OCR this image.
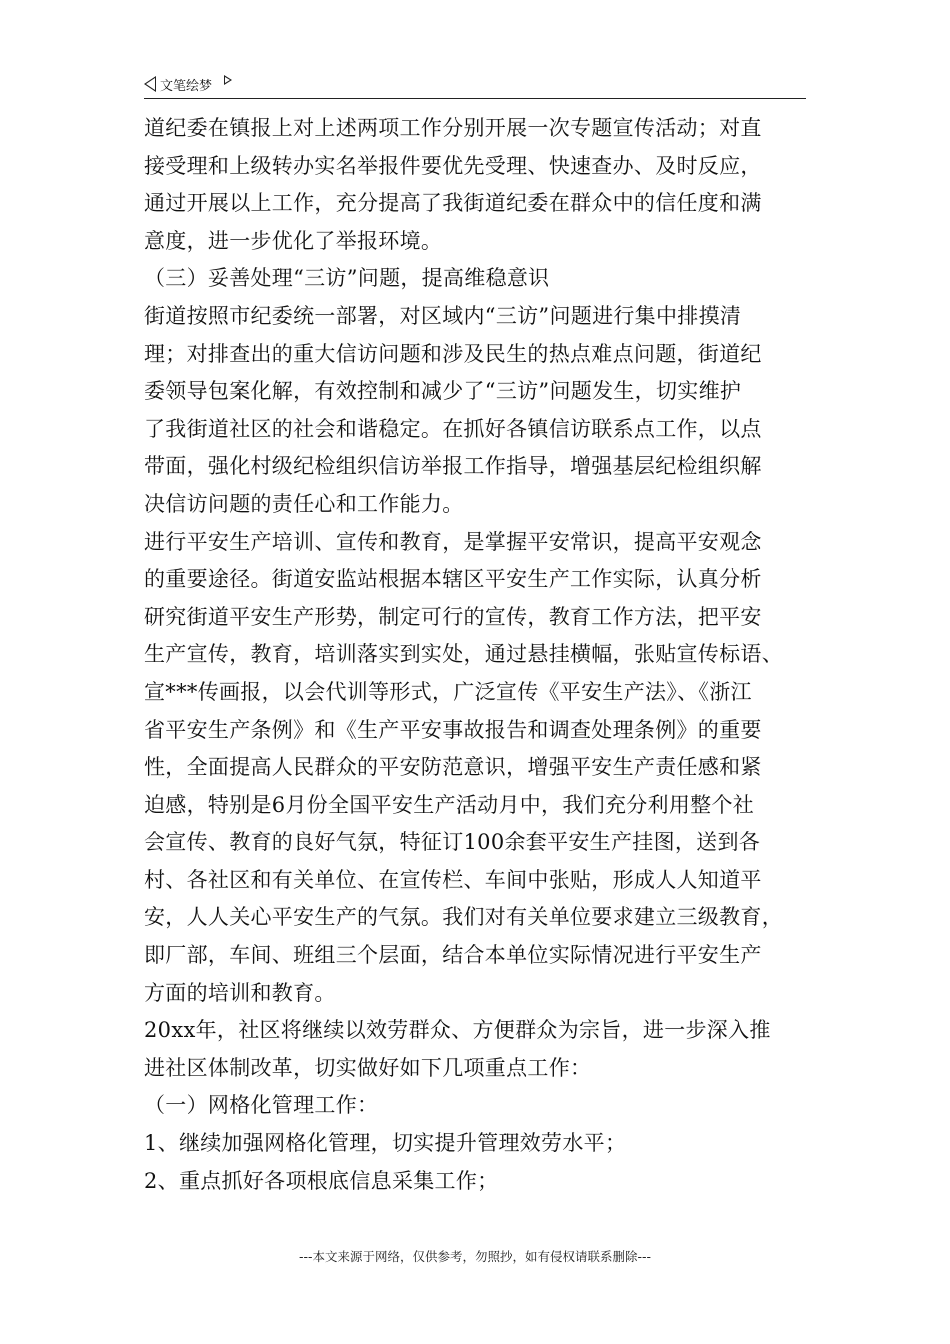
文笔绘梦
道纪委在镇报上对上述两项工作分别开展一次专题宣传活动；对直
接受理和上级转办实名举报件要优先受理、快速查办、及时反应，
通过开展以上工作，充分提高了我街道纪委在群众中的信任度和满
意度，进一步优化了举报环境。
（三）妥善处理“三访”问题，提高维稳意识
街道按照市纪委统一部署，对区域内“三访”问题进行集中排摸清
理；对排查出的重大信访问题和涉及民生的热点难点问题，街道纪
委领导包案化解，有效控制和减少了“三访”问题发生，切实维护
了我街道社区的社会和谐稳定。在抓好各镇信访联系点工作，以点
带面，强化村级纪检组织信访举报工作指导，增强基层纪检组织解
决信访问题的责任心和工作能力。
进行平安生产培训、宣传和教育，是掌握平安常识，提高平安观念
的重要途径。街道安监站根据本辖区平安生产工作实际，认真分析
研究街道平安生产形势，制定可行的宣传，教育工作方法，把平安
生产宣传，教育，培训落实到实处，通过悬挂横幅，张贴宣传标语、
宣***传画报，以会代训等形式，广泛宣传《平安生产法》、《浙江
省平安生产条例》和《生产平安事故报告和调查处理条例》的重要
性，全面提高人民群众的平安防范意识，增强平安生产责任感和紧
迫感，特别是6月份全国平安生产活动月中，我们充分利用整个社
会宣传、教育的良好气氛，特征订100余套平安生产挂图，送到各
村、各社区和有关单位、在宣传栏、车间中张贴，形成人人知道平
安，人人关心平安生产的气氛。我们对有关单位要求建立三级教育，
即厂部，车间、班组三个层面，结合本单位实际情况进行平安生产
方面的培训和教育。
20xx年，社区将继续以效劳群众、方便群众为宗旨，进一步深入推
进社区体制改革，切实做好如下几项重点工作：
（一）网格化管理工作：
1、继续加强网格化管理，切实提升管理效劳水平；
2、重点抓好各项根底信息采集工作；
---本文来源于网络，仅供参考，勿照抄，如有侵权请联系删除---
